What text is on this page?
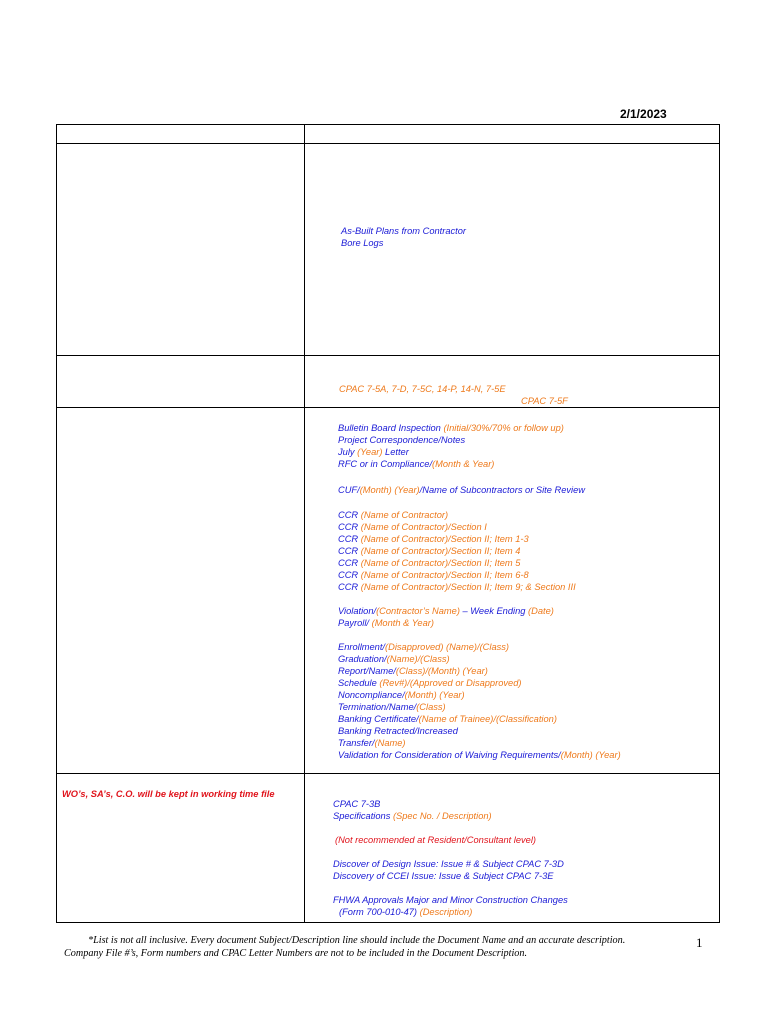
2/1/2023
As-Built Plans from Contractor
Bore Logs
CPAC 7-5A, 7-D, 7-5C, 14-P, 14-N, 7-5E
CPAC 7-5F
Bulletin Board Inspection (Initial/30%/70% or follow up)
Project Correspondence/Notes
July (Year) Letter
RFC or in Compliance/(Month & Year)
CUF/(Month) (Year)/Name of Subcontractors or Site Review
CCR (Name of Contractor)
CCR (Name of Contractor)/Section I
CCR (Name of Contractor)/Section II; Item 1-3
CCR (Name of Contractor)/Section II; Item 4
CCR (Name of Contractor)/Section II; Item 5
CCR (Name of Contractor)/Section II; Item 6-8
CCR (Name of Contractor)/Section II; Item 9; & Section III
Violation/(Contractor’s Name) – Week Ending (Date)
Payroll/ (Month & Year)
Enrollment/(Disapproved) (Name)/(Class)
Graduation/(Name)/(Class)
Report/Name/(Class)/(Month) (Year)
Schedule (Rev#)/(Approved or Disapproved)
Noncompliance/(Month) (Year)
Termination/Name/(Class)
Banking Certificate/(Name of Trainee)/(Classification)
Banking Retracted/Increased
Transfer/(Name)
Validation for Consideration of Waiving Requirements/(Month) (Year)
WO’s, SA’s, C.O. will be kept in working time file
CPAC 7-3B
Specifications (Spec No. / Description)
(Not recommended at Resident/Consultant level)
Discover of Design Issue: Issue # & Subject CPAC 7-3D
Discovery of CCEI Issue: Issue & Subject CPAC 7-3E
FHWA Approvals Major and Minor Construction Changes
(Form 700-010-47) (Description)
*List is not all inclusive. Every document Subject/Description line should include the Document Name and an accurate description.
Company File #’s, Form numbers and CPAC Letter Numbers are not to be included in the Document Description.
1
